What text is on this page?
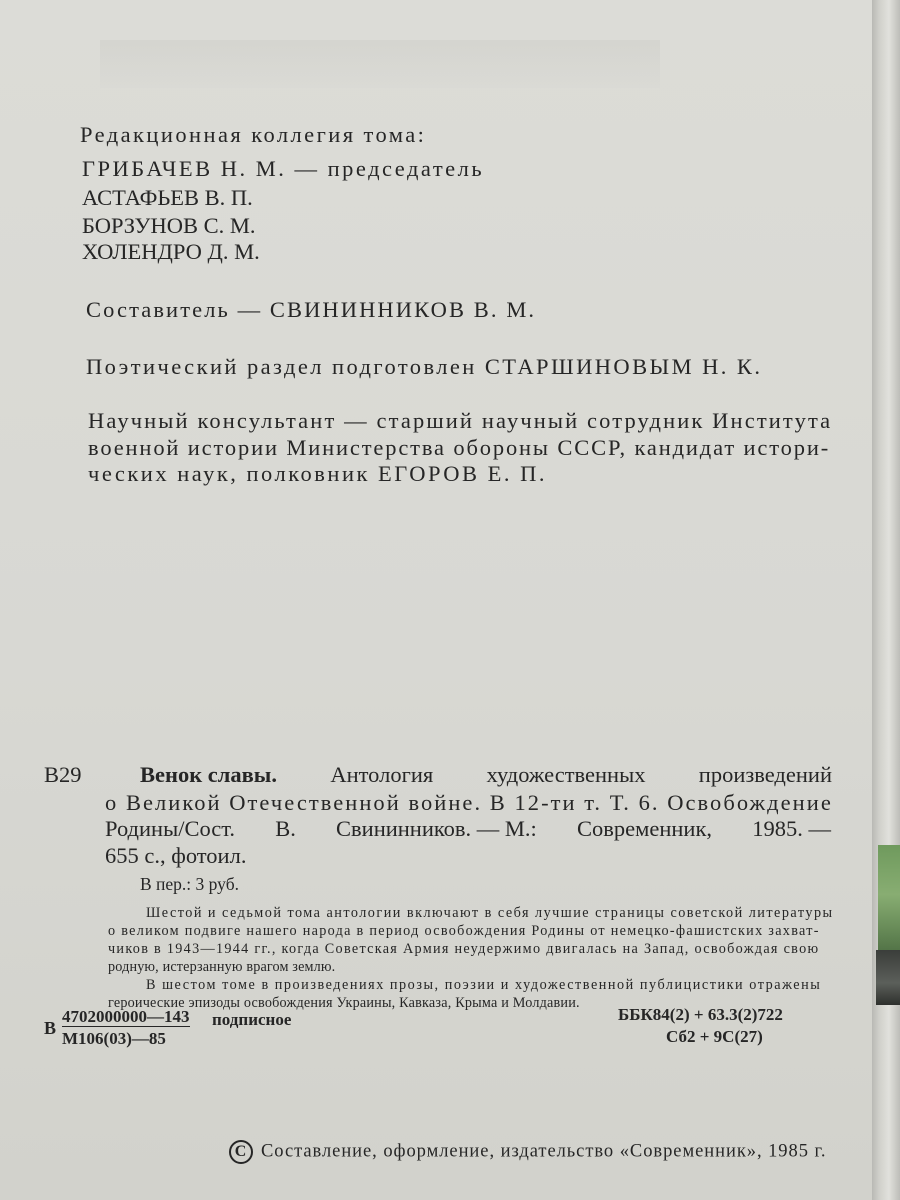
Редакционная коллегия тома:
ГРИБАЧЕВ Н. М. — председатель
АСТАФЬЕВ В. П.
БОРЗУНОВ С. М.
ХОЛЕНДРО Д. М.
Составитель — СВИНИННИКОВ В. М.
Поэтический раздел подготовлен СТАРШИНОВЫМ Н. К.
Научный консультант — старший научный сотрудник Института
военной истории Министерства обороны СССР, кандидат истори-
ческих наук, полковник ЕГОРОВ Е. П.
В29	Венок славы. Антология художественных произведений
о Великой Отечественной войне. В 12-ти т. Т. 6. Освобождение
Родины/Сост. В. Свининников. — М.: Современник, 1985. —
655 с., фотоил.
В пер.: 3 руб.
Шестой и седьмой тома антологии включают в себя лучшие страницы советской литературы
о великом подвиге нашего народа в период освобождения Родины от немецко-фашистских захват-
чиков в 1943—1944 гг., когда Советская Армия неудержимо двигалась на Запад, освобождая свою
родную, истерзанную врагом землю.
В шестом томе в произведениях прозы, поэзии и художественной публицистики отражены
героические эпизоды освобождения Украины, Кавказа, Крыма и Молдавии.
В
4702000000—143
М106(03)—85
подписное	ББК84(2) + 63.3(2)722
Сб2 + 9С(27)
С Составление, оформление, издательство «Современник», 1985 г.
